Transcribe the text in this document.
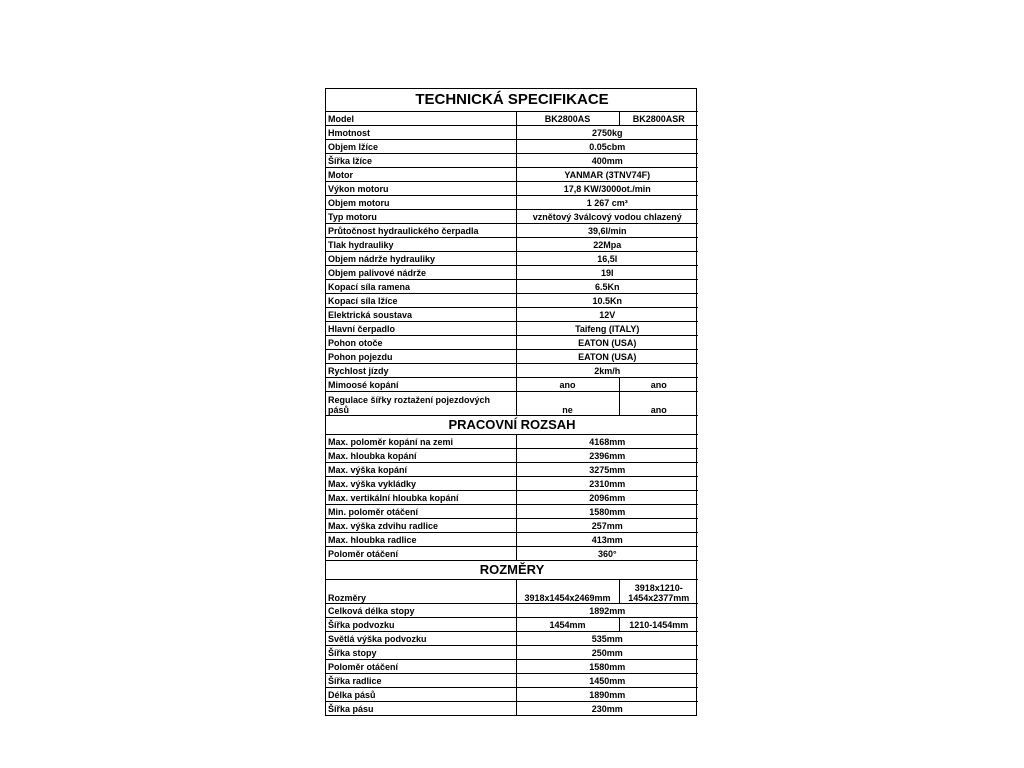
TECHNICKÁ SPECIFIKACE		
Model	BK2800AS	BK2800ASR
Hmotnost	2750kg	
Objem lžíce	0.05cbm	
Šířka lžíce	400mm	
Motor	YANMAR (3TNV74F)	
Výkon motoru	17,8 KW/3000ot./min	
Objem motoru	1 267 cm³	
Typ motoru	vznětový 3válcový vodou chlazený	
Průtočnost hydraulického čerpadla	39,6l/min	
Tlak hydrauliky	22Mpa	
Objem nádrže hydrauliky	16,5l	
Objem palivové nádrže	19l	
Kopací síla ramena	6.5Kn	
Kopací síla lžíce	10.5Kn	
Elektrická soustava	12V	
Hlavní čerpadlo	Taifeng (ITALY)	
Pohon otoče	EATON (USA)	
Pohon pojezdu	EATON (USA)	
Rychlost jízdy	2km/h	
Mimoosé kopání	ano	ano
Regulace šířky roztažení pojezdových pásů	ne	ano
PRACOVNÍ ROZSAH		
Max. poloměr kopání na zemi	4168mm	
Max. hloubka kopání	2396mm	
Max. výška kopání	3275mm	
Max. výška vykládky	2310mm	
Max. vertikální hloubka kopání	2096mm	
Min. poloměr otáčení	1580mm	
Max. výška zdvihu radlice	257mm	
Max. hloubka radlice	413mm	
Poloměr otáčení	360°	
ROZMĚRY		
Rozměry	3918x1454x2469mm	3918x1210-1454x2377mm
Celková délka stopy	1892mm	
Šířka podvozku	1454mm	1210-1454mm
Světlá výška podvozku	535mm	
Šířka stopy	250mm	
Poloměr otáčení	1580mm	
Šířka radlice	1450mm	
Délka pásů	1890mm	
Šířka pásu	230mm	
